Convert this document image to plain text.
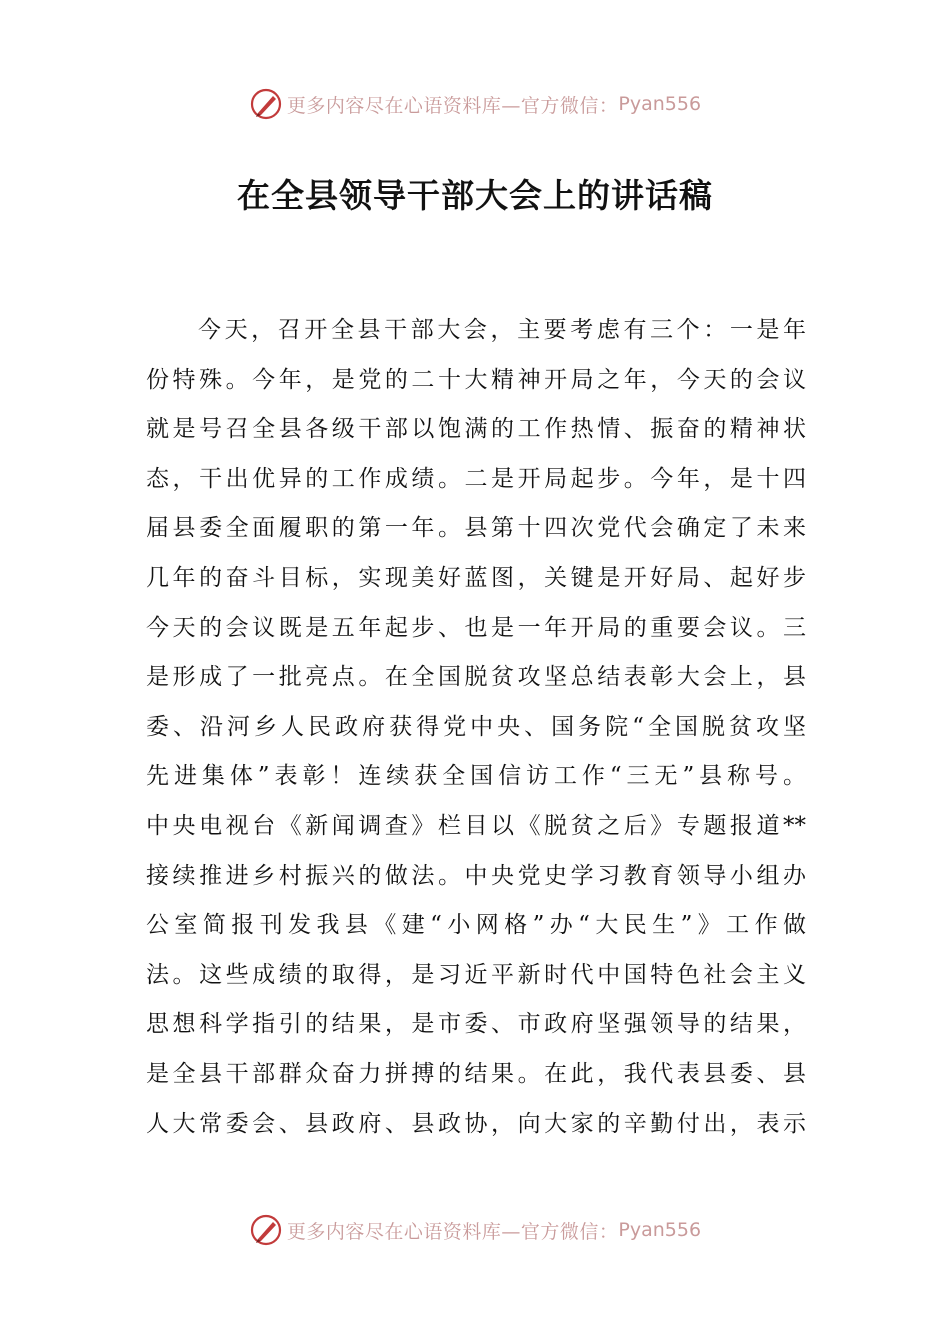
更多内容尽在心语资料库—官方微信： Pyan556
在全县领导干部大会上的讲话稿
今天，召开全县干部大会，主要考虑有三个：一是年
份特殊。今年，是党的二十大精神开局之年，今天的会议
就是号召全县各级干部以饱满的工作热情、振奋的精神状
态，干出优异的工作成绩。二是开局起步。今年，是十四
届县委全面履职的第一年。县第十四次党代会确定了未来
几年的奋斗目标，实现美好蓝图，关键是开好局、起好步
今天的会议既是五年起步、也是一年开局的重要会议。三
是形成了一批亮点。在全国脱贫攻坚总结表彰大会上，县
委、沿河乡人民政府获得党中央、国务院“全国脱贫攻坚
先进集体”表彰！连续获全国信访工作“三无”县称号。
中央电视台《新闻调查》栏目以《脱贫之后》专题报道**
接续推进乡村振兴的做法。中央党史学习教育领导小组办
公室简报刊发我县《建“小网格”办“大民生”》工作做
法。这些成绩的取得，是习近平新时代中国特色社会主义
思想科学指引的结果，是市委、市政府坚强领导的结果，
是全县干部群众奋力拼搏的结果。在此，我代表县委、县
人大常委会、县政府、县政协，向大家的辛勤付出，表示
更多内容尽在心语资料库—官方微信： Pyan556
